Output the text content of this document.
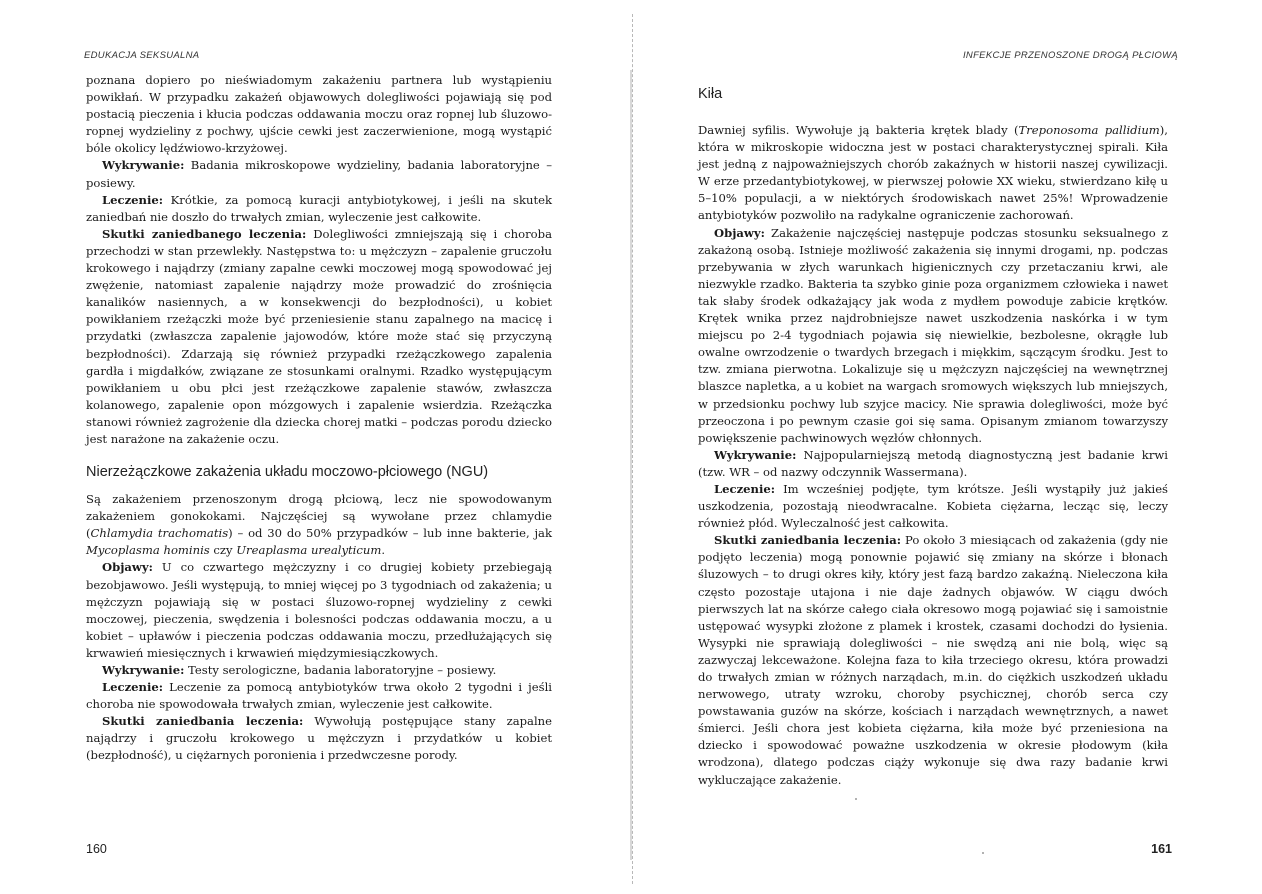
EDUKACJA SEKSUALNA

poznana dopiero po nieświadomym zakażeniu partnera lub wystąpieniu powikłań. W przypadku zakażeń objawowych dolegliwości pojawiają się pod postacią pieczenia i kłucia podczas oddawania moczu oraz ropnej lub śluzowo-ropnej wydzieliny z pochwy, ujście cewki jest zaczerwienione, mogą wystąpić bóle okolicy lędźwiowo-krzyżowej.

Wykrywanie: Badania mikroskopowe wydzieliny, badania laboratoryjne – posiewy.

Leczenie: Krótkie, za pomocą kuracji antybiotykowej, i jeśli na skutek zaniedbań nie doszło do trwałych zmian, wyleczenie jest całkowite.

Skutki zaniedbanego leczenia: Dolegliwości zmniejszają się i choroba przechodzi w stan przewlekły. Następstwa to: u mężczyzn – zapalenie gruczołu krokowego i najądrzy (zmiany zapalne cewki moczowej mogą spowodować jej zwężenie, natomiast zapalenie najądrzy może prowadzić do zrośnięcia kanalików nasiennych, a w konsekwencji do bezpłodności), u kobiet powikłaniem rzeżączki może być przeniesienie stanu zapalnego na macicę i przydatki (zwłaszcza zapalenie jajowodów, które może stać się przyczyną bezpłodności). Zdarzają się również przypadki rzeżączkowego zapalenia gardła i migdałków, związane ze stosunkami oralnymi. Rzadko występującym powikłaniem u obu płci jest rzeżączkowe zapalenie stawów, zwłaszcza kolanowego, zapalenie opon mózgowych i zapalenie wsierdzia. Rzeżączka stanowi również zagrożenie dla dziecka chorej matki – podczas porodu dziecko jest narażone na zakażenie oczu.

Nierzeżączkowe zakażenia układu moczowo-płciowego (NGU)

Są zakażeniem przenoszonym drogą płciową, lecz nie spowodowanym zakażeniem gonokokami. Najczęściej są wywołane przez chlamydie (Chlamydia trachomatis) – od 30 do 50% przypadków – lub inne bakterie, jak Mycoplasma hominis czy Ureaplasma urealyticum.

Objawy: U co czwartego mężczyzny i co drugiej kobiety przebiegają bezobjawowo. Jeśli występują, to mniej więcej po 3 tygodniach od zakażenia; u mężczyzn pojawiają się w postaci śluzowo-ropnej wydzieliny z cewki moczowej, pieczenia, swędzenia i bolesności podczas oddawania moczu, a u kobiet – upławów i pieczenia podczas oddawania moczu, przedłużających się krwawień miesięcznych i krwawień międzymiesiączkowych.

Wykrywanie: Testy serologiczne, badania laboratoryjne – posiewy.

Leczenie: Leczenie za pomocą antybiotyków trwa około 2 tygodni i jeśli choroba nie spowodowała trwałych zmian, wyleczenie jest całkowite.

Skutki zaniedbania leczenia: Wywołują postępujące stany zapalne najądrzy i gruczołu krokowego u mężczyzn i przydatków u kobiet (bezpłodność), u ciężarnych poronienia i przedwczesne porody.

160
INFEKCJE PRZENOSZONE DROGĄ PŁCIOWĄ
Kiła

Dawniej syfilis. Wywołuje ją bakteria krętek blady (Treponosoma pallidium), która w mikroskopie widoczna jest w postaci charakterystycznej spirali. Kiła jest jedną z najpoważniejszych chorób zakaźnych w historii naszej cywilizacji. W erze przedantybiotykowej, w pierwszej połowie XX wieku, stwierdzano kiłę u 5–10% populacji, a w niektórych środowiskach nawet 25%! Wprowadzenie antybiotyków pozwoliło na radykalne ograniczenie zachorowań.

Objawy: Zakażenie najczęściej następuje podczas stosunku seksualnego z zakażoną osobą. Istnieje możliwość zakażenia się innymi drogami, np. podczas przebywania w złych warunkach higienicznych czy przetaczaniu krwi, ale niezwykle rzadko. Bakteria ta szybko ginie poza organizmem człowieka i nawet tak słaby środek odkażający jak woda z mydłem powoduje zabicie krętków. Krętek wnika przez najdrobniejsze nawet uszkodzenia naskórka i w tym miejscu po 2-4 tygodniach pojawia się niewielkie, bezbolesne, okrągłe lub owalne owrzodzenie o twardych brzegach i miękkim, sączącym środku. Jest to tzw. zmiana pierwotna. Lokalizuje się u mężczyzn najczęściej na wewnętrznej blaszce napletka, a u kobiet na wargach sromowych większych lub mniejszych, w przedsionku pochwy lub szyjce macicy. Nie sprawia dolegliwości, może być przeoczona i po pewnym czasie goi się sama. Opisanym zmianom towarzyszy powiększenie pachwinowych węzłów chłonnych.

Wykrywanie: Najpopularniejszą metodą diagnostyczną jest badanie krwi (tzw. WR – od nazwy odczynnik Wassermana).

Leczenie: Im wcześniej podjęte, tym krótsze. Jeśli wystąpiły już jakieś uszkodzenia, pozostają nieodwracalne. Kobieta ciężarna, lecząc się, leczy również płód. Wyleczalność jest całkowita.

Skutki zaniedbania leczenia: Po około 3 miesiącach od zakażenia (gdy nie podjęto leczenia) mogą ponownie pojawić się zmiany na skórze i błonach śluzowych – to drugi okres kiły, który jest fazą bardzo zakaźną. Nieleczona kiła często pozostaje utajona i nie daje żadnych objawów. W ciągu dwóch pierwszych lat na skórze całego ciała okresowo mogą pojawiać się i samoistnie ustępować wysypki złożone z plamek i krostek, czasami dochodzi do łysienia. Wysypki nie sprawiają dolegliwości – nie swędzą ani nie bolą, więc są zazwyczaj lekceważone. Kolejna faza to kiła trzeciego okresu, która prowadzi do trwałych zmian w różnych narządach, m.in. do ciężkich uszkodzeń układu nerwowego, utraty wzroku, choroby psychicznej, chorób serca czy powstawania guzów na skórze, kościach i narządach wewnętrznych, a nawet śmierci. Jeśli chora jest kobieta ciężarna, kiła może być przeniesiona na dziecko i spowodować poważne uszkodzenia w okresie płodowym (kiła wrodzona), dlatego podczas ciąży wykonuje się dwa razy badanie krwi wykluczające zakażenie.

161
